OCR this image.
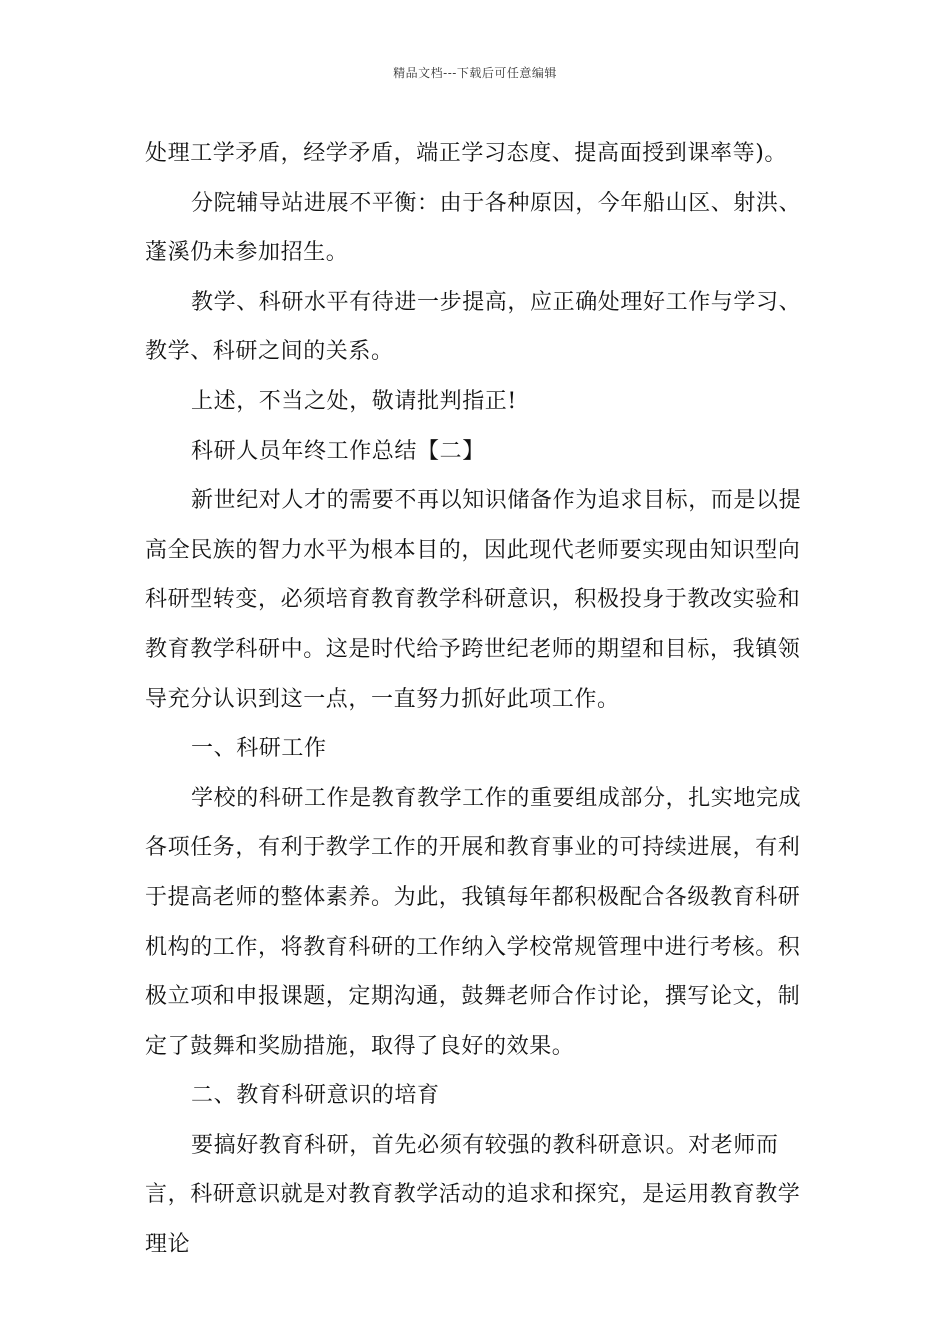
精品文档---下载后可任意编辑

处理工学矛盾，经学矛盾，端正学习态度、提高面授到课率等)。

分院辅导站进展不平衡：由于各种原因，今年船山区、射洪、蓬溪仍未参加招生。

教学、科研水平有待进一步提高，应正确处理好工作与学习、教学、科研之间的关系。

上述，不当之处，敬请批判指正!

科研人员年终工作总结【二】

新世纪对人才的需要不再以知识储备作为追求目标，而是以提高全民族的智力水平为根本目的，因此现代老师要实现由知识型向科研型转变，必须培育教育教学科研意识，积极投身于教改实验和教育教学科研中。这是时代给予跨世纪老师的期望和目标，我镇领导充分认识到这一点，一直努力抓好此项工作。

一、科研工作

学校的科研工作是教育教学工作的重要组成部分，扎实地完成各项任务，有利于教学工作的开展和教育事业的可持续进展，有利于提高老师的整体素养。为此，我镇每年都积极配合各级教育科研机构的工作，将教育科研的工作纳入学校常规管理中进行考核。积极立项和申报课题，定期沟通，鼓舞老师合作讨论，撰写论文，制定了鼓舞和奖励措施，取得了良好的效果。

二、教育科研意识的培育

要搞好教育科研，首先必须有较强的教科研意识。对老师而言，科研意识就是对教育教学活动的追求和探究，是运用教育教学理论
